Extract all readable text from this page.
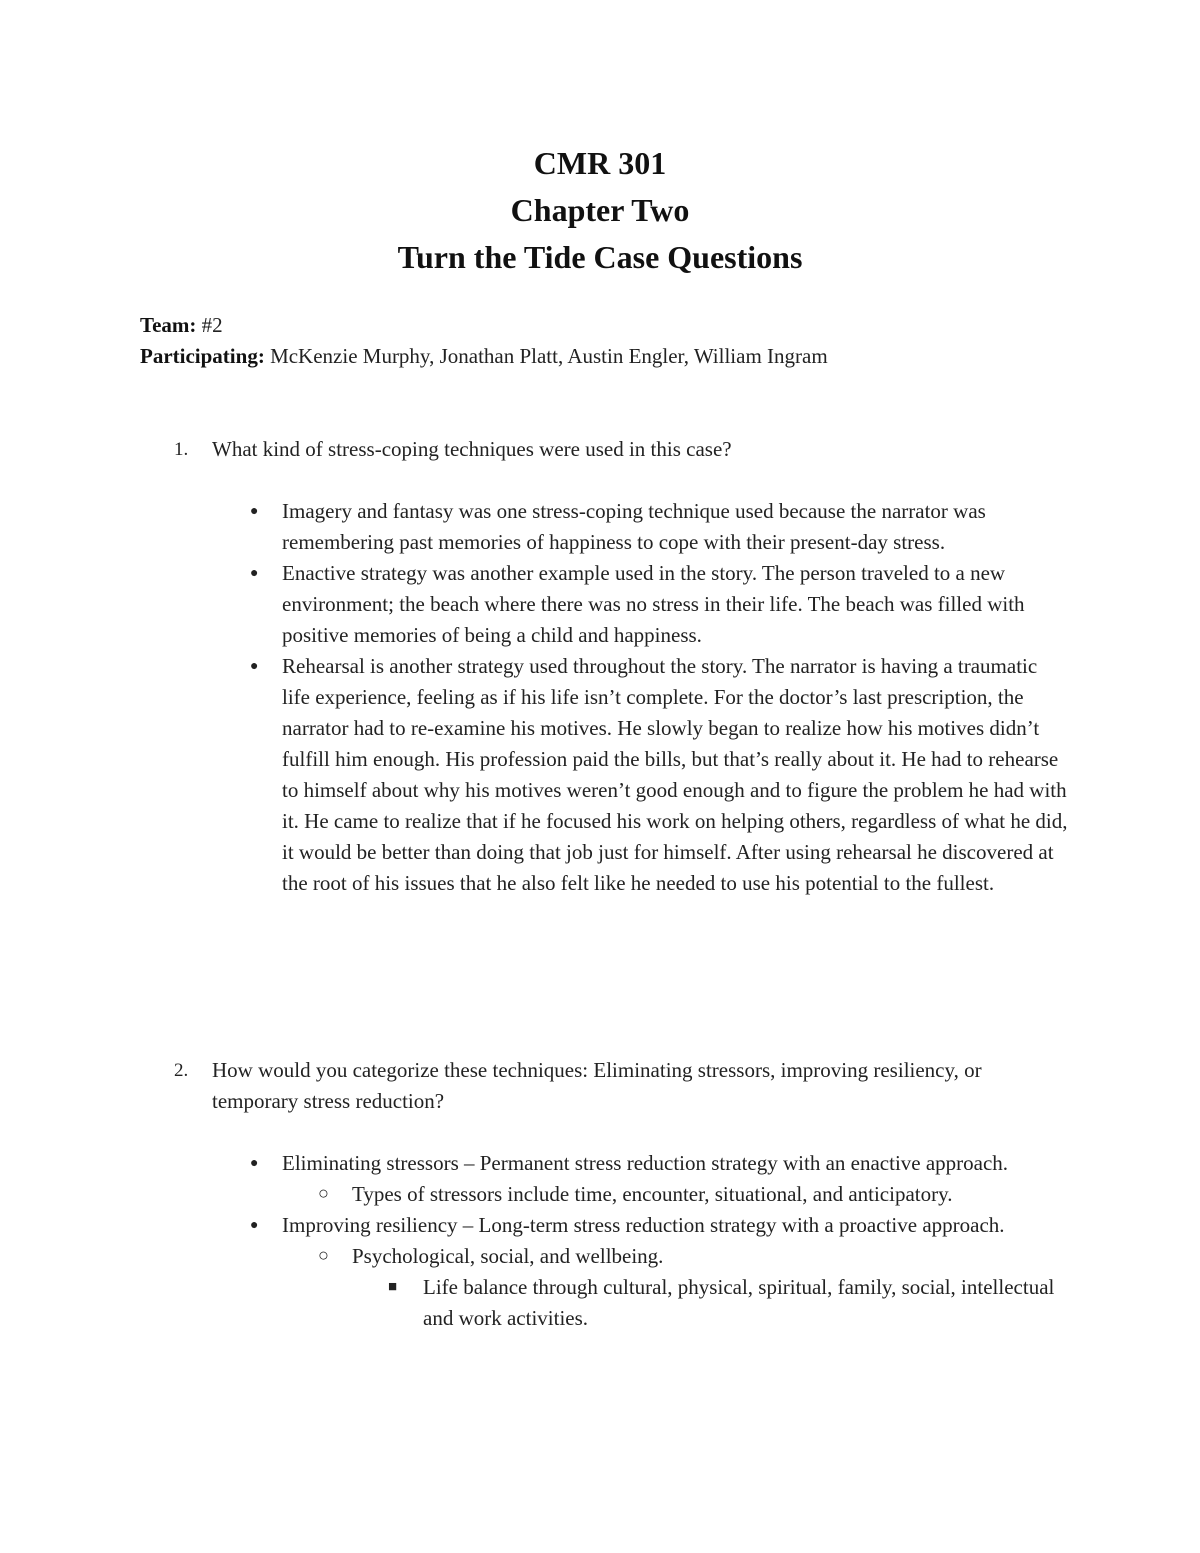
CMR 301
Chapter Two
Turn the Tide Case Questions
Team: #2
Participating: McKenzie Murphy, Jonathan Platt, Austin Engler, William Ingram
1.	What kind of stress-coping techniques were used in this case?
● Imagery and fantasy was one stress-coping technique used because the narrator was remembering past memories of happiness to cope with their present-day stress.
● Enactive strategy was another example used in the story. The person traveled to a new environment; the beach where there was no stress in their life. The beach was filled with positive memories of being a child and happiness.
● Rehearsal is another strategy used throughout the story. The narrator is having a traumatic life experience, feeling as if his life isn’t complete. For the doctor’s last prescription, the narrator had to re-examine his motives. He slowly began to realize how his motives didn’t fulfill him enough. His profession paid the bills, but that’s really about it. He had to rehearse to himself about why his motives weren’t good enough and to figure the problem he had with it. He came to realize that if he focused his work on helping others, regardless of what he did, it would be better than doing that job just for himself. After using rehearsal he discovered at the root of his issues that he also felt like he needed to use his potential to the fullest.
2.	How would you categorize these techniques: Eliminating stressors, improving resiliency, or temporary stress reduction?
● Eliminating stressors – Permanent stress reduction strategy with an enactive approach.
○ Types of stressors include time, encounter, situational, and anticipatory.
● Improving resiliency – Long-term stress reduction strategy with a proactive approach.
○ Psychological, social, and wellbeing.
■ Life balance through cultural, physical, spiritual, family, social, intellectual and work activities.
